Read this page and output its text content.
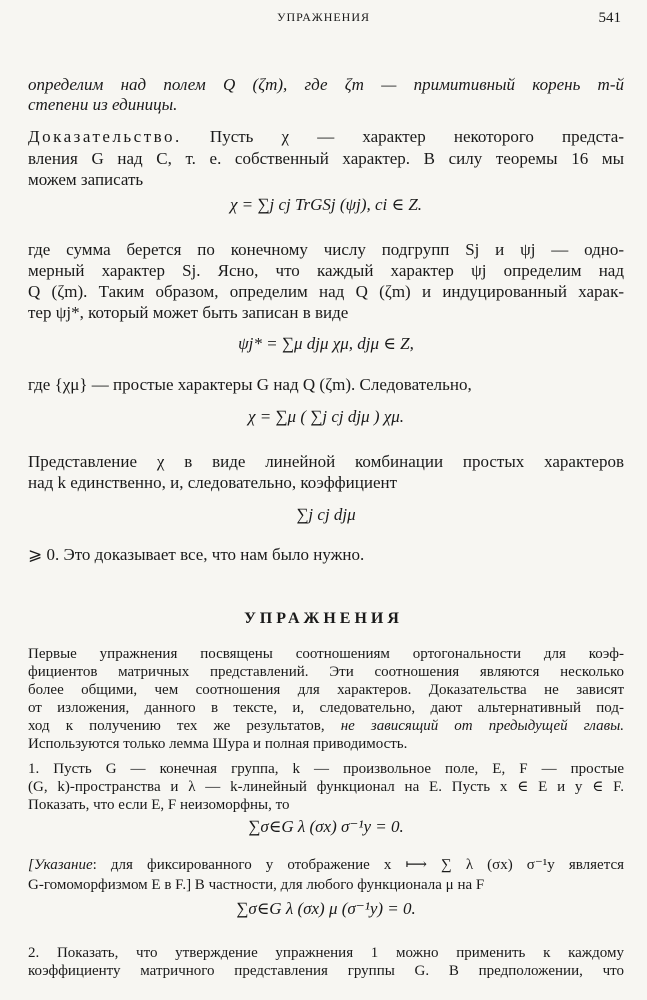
УПРАЖНЕНИЯ	541
определим над полем Q (ζm), где ζm — примитивный корень m-й
степени из единицы.
Доказательство. Пусть χ — характер некоторого предста-
вления G над C, т. е. собственный характер. В силу теоремы 16 мы
можем записать
χ = ∑j cj TrGSj (ψj), ci ∈ Z.
где сумма берется по конечному числу подгрупп Sj и ψj — одно-
мерный характер Sj. Ясно, что каждый характер ψj определим над
Q (ζm). Таким образом, определим над Q (ζm) и индуцированный харак-
тер ψj*, который может быть записан в виде
ψj* = ∑μ djμ χμ, djμ ∈ Z,
где {χμ} — простые характеры G над Q (ζm). Следовательно,
χ = ∑μ ( ∑j cj djμ ) χμ.
Представление χ в виде линейной комбинации простых характеров
над k единственно, и, следовательно, коэффициент
∑j cj djμ
⩾ 0. Это доказывает все, что нам было нужно.
УПРАЖНЕНИЯ
Первые упражнения посвящены соотношениям ортогональности для коэф-
фициентов матричных представлений. Эти соотношения являются несколько
более общими, чем соотношения для характеров. Доказательства не зависят
от изложения, данного в тексте, и, следовательно, дают альтернативный под-
ход к получению тех же результатов, не зависящий от предыдущей главы.
Используются только лемма Шура и полная приводимость.
1. Пусть G — конечная группа, k — произвольное поле, E, F — простые
(G, k)-пространства и λ — k-линейный функционал на E. Пусть x ∈ E и y ∈ F.
Показать, что если E, F неизоморфны, то
∑σ∈G λ (σx) σ⁻¹y = 0.
[Указание: для фиксированного y отображение x ⟼ ∑ λ (σx) σ⁻¹y является
G-гомоморфизмом E в F.] В частности, для любого функционала μ на F
∑σ∈G λ (σx) μ (σ⁻¹y) = 0.
2. Показать, что утверждение упражнения 1 можно применить к каждому
коэффициенту матричного представления группы G. В предположении, что
